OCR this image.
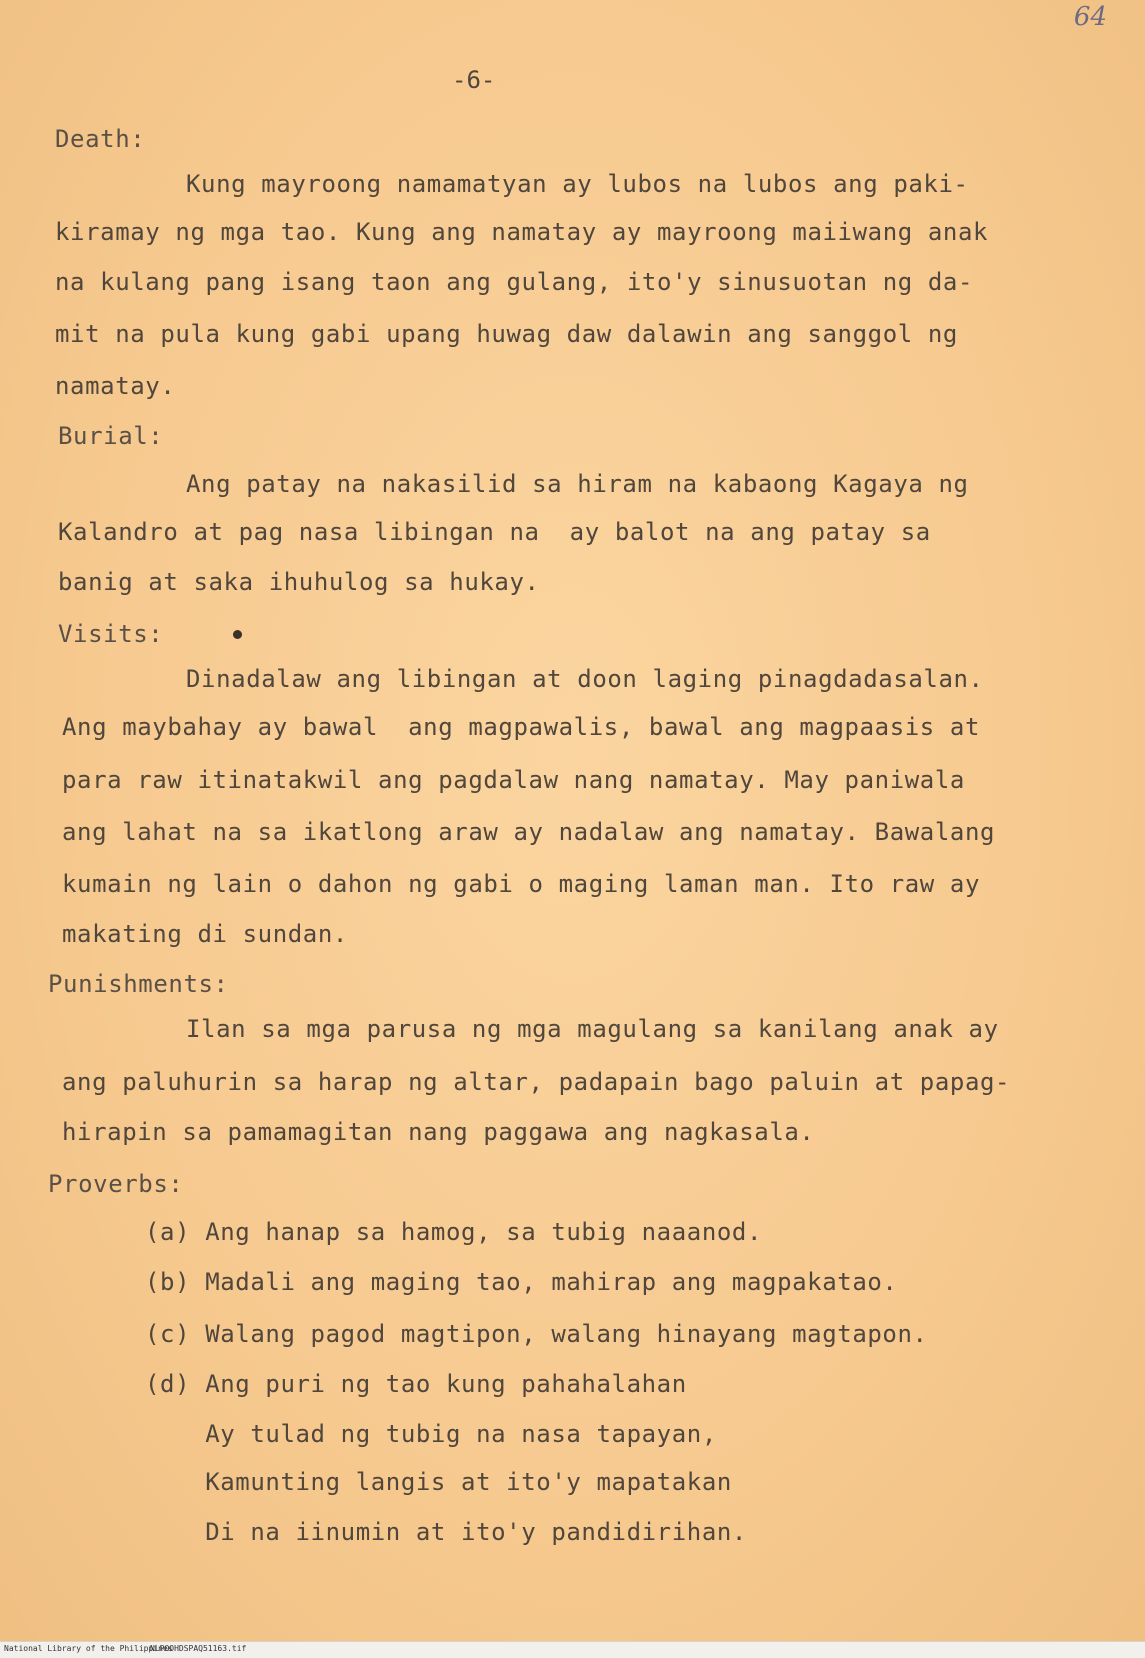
64
-6-
Death:
Kung mayroong namamatyan ay lubos na lubos ang paki-
kiramay ng mga tao. Kung ang namatay ay mayroong maiiwang anak
na kulang pang isang taon ang gulang, ito'y sinusuotan ng da-
mit na pula kung gabi upang huwag daw dalawin ang sanggol ng
namatay.
Burial:
Ang patay na nakasilid sa hiram na kabaong Kagaya ng
Kalandro at pag nasa libingan na  ay balot na ang patay sa
banig at saka ihuhulog sa hukay.
Visits:
Dinadalaw ang libingan at doon laging pinagdadasalan.
Ang maybahay ay bawal  ang magpawalis, bawal ang magpaasis at
para raw itinatakwil ang pagdalaw nang namatay. May paniwala
ang lahat na sa ikatlong araw ay nadalaw ang namatay. Bawalang
kumain ng lain o dahon ng gabi o maging laman man. Ito raw ay
makating di sundan.
Punishments:
Ilan sa mga parusa ng mga magulang sa kanilang anak ay
ang paluhurin sa harap ng altar, padapain bago paluin at papag-
hirapin sa pamamagitan nang paggawa ang nagkasala.
Proverbs:
(a) Ang hanap sa hamog, sa tubig naaanod.
(b) Madali ang maging tao, mahirap ang magpakatao.
(c) Walang pagod magtipon, walang hinayang magtapon.
(d) Ang puri ng tao kung pahahalahan
Ay tulad ng tubig na nasa tapayan,
Kamunting langis at ito'y mapatakan
Di na iinumin at ito'y pandidirihan.
National Library of the Philippines
NLPOOHDSPAQ51163.tif
